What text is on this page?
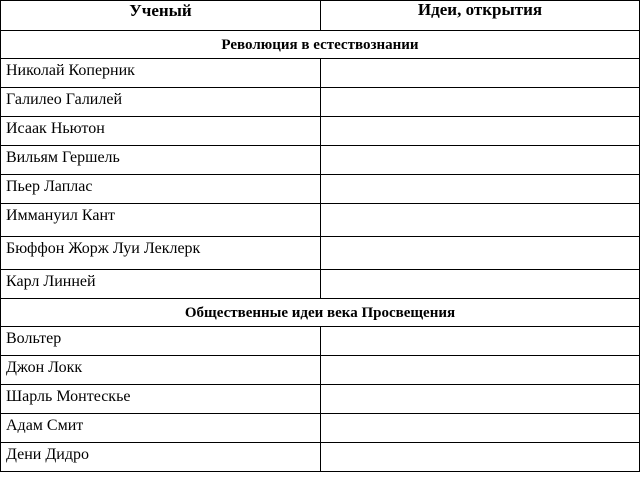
Ученый	Идеи, открытия
Революция в естествознании	
Николай Коперник	
Галилео Галилей	
Исаак Ньютон	
Вильям Гершель	
Пьер Лаплас	
Иммануил Кант	
Бюффон Жорж Луи Леклерк	
Карл Линней	
Общественные идеи века Просвещения	
Вольтер	
Джон Локк	
Шарль Монтескье	
Адам Смит	
Дени Дидро	
